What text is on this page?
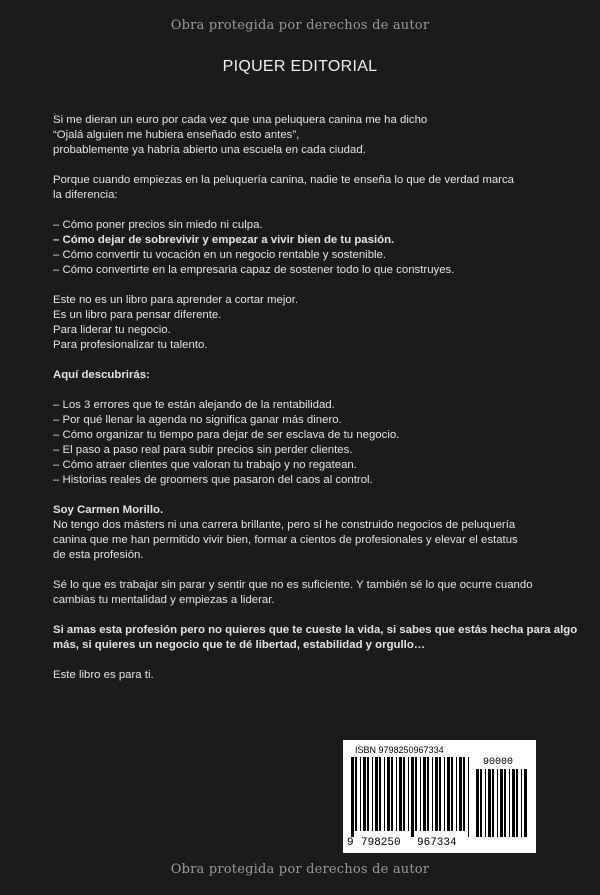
Obra protegida por derechos de autor
PIQUER EDITORIAL
Si me dieran un euro por cada vez que una peluquera canina me ha dicho
“Ojalá alguien me hubiera enseñado esto antes”,
probablemente ya habría abierto una escuela en cada ciudad.
Porque cuando empiezas en la peluquería canina, nadie te enseña lo que de verdad marca
la diferencia:
– Cómo poner precios sin miedo ni culpa.
– Cómo dejar de sobrevivir y empezar a vivir bien de tu pasión.
– Cómo convertir tu vocación en un negocio rentable y sostenible.
– Cómo convertirte en la empresaria capaz de sostener todo lo que construyes.
Este no es un libro para aprender a cortar mejor.
Es un libro para pensar diferente.
Para liderar tu negocio.
Para profesionalizar tu talento.
Aquí descubrirás:
– Los 3 errores que te están alejando de la rentabilidad.
– Por qué llenar la agenda no significa ganar más dinero.
– Cómo organizar tu tiempo para dejar de ser esclava de tu negocio.
– El paso a paso real para subir precios sin perder clientes.
– Cómo atraer clientes que valoran tu trabajo y no regatean.
– Historias reales de groomers que pasaron del caos al control.
Soy Carmen Morillo.
No tengo dos másters ni una carrera brillante, pero sí he construido negocios de peluquería
canina que me han permitido vivir bien, formar a cientos de profesionales y elevar el estatus
de esta profesión.
Sé lo que es trabajar sin parar y sentir que no es suficiente. Y también sé lo que ocurre cuando
cambias tu mentalidad y empiezas a liderar.
Si amas esta profesión pero no quieres que te cueste la vida, si sabes que estás hecha para algo
más, si quieres un negocio que te dé libertad, estabilidad y orgullo…
Este libro es para ti.
ISBN 9798250967334
90000
9 798250 967334
Obra protegida por derechos de autor
